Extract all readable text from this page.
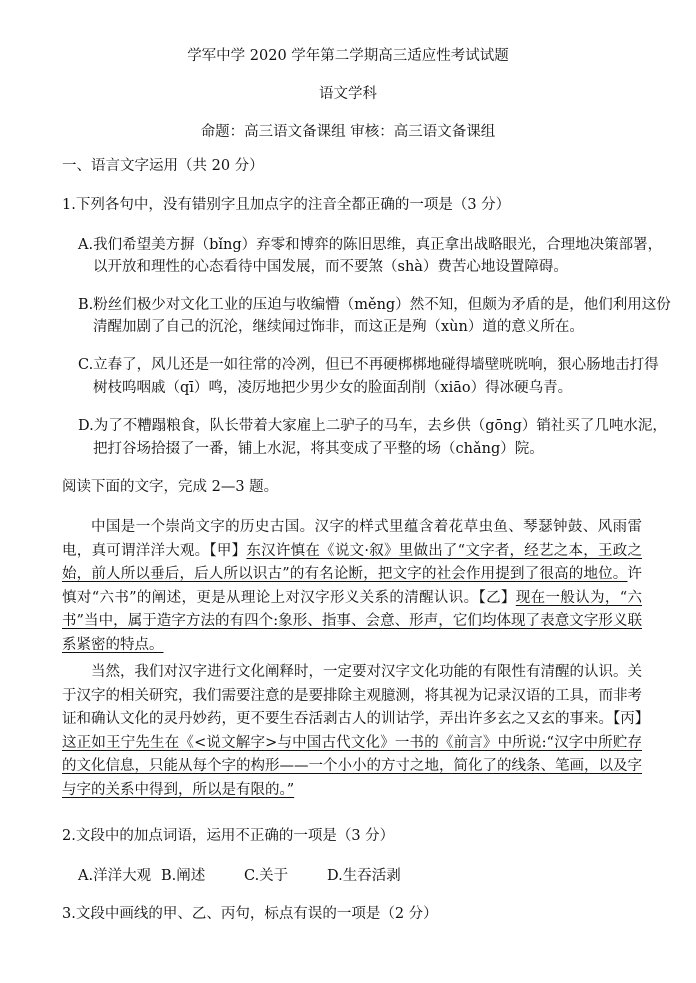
学军中学 2020 学年第二学期高三适应性考试试题
语文学科
命题：高三语文备课组 审核：高三语文备课组
一、语言文字运用（共 20 分）
1.下列各句中，没有错别字且加点字的注音全都正确的一项是（3 分）
A.我们希望美方摒（bǐng）弃零和博弈的陈旧思维，真正拿出战略眼光，合理地决策部署，
以开放和理性的心态看待中国发展，而不要煞（shà）费苦心地设置障碍。
B.粉丝们极少对文化工业的压迫与收编懵（měng）然不知，但颇为矛盾的是，他们利用这份
清醒加剧了自己的沉沦，继续闻过饰非，而这正是殉（xùn）道的意义所在。
C.立春了，风儿还是一如往常的冷冽，但已不再硬梆梆地碰得墙壁咣咣响，狠心肠地击打得
树枝呜咽戚（qī）鸣，凌厉地把少男少女的脸面刮削（xiāo）得冰硬乌青。
D.为了不糟蹋粮食，队长带着大家雇上二驴子的马车，去乡供（gōng）销社买了几吨水泥，
把打谷场拾掇了一番，铺上水泥，将其变成了平整的场（chǎng）院。
阅读下面的文字，完成 2—3 题。
中国是一个崇尚文字的历史古国。汉字的样式里蕴含着花草虫鱼、琴瑟钟鼓、风雨雷电，真可谓洋洋大观。【甲】东汉许慎在《说文·叙》里做出了“文字者，经艺之本，王政之始，前人所以垂后，后人所以识古”的有名论断，把文字的社会作用提到了很高的地位。许慎对“六书”的阐述，更是从理论上对汉字形义关系的清醒认识。【乙】现在一般认为，“六书”当中，属于造字方法的有四个:象形、指事、会意、形声，它们均体现了表意文字形义联系紧密的特点。
当然，我们对汉字进行文化阐释时，一定要对汉字文化功能的有限性有清醒的认识。关于汉字的相关研究，我们需要注意的是要排除主观臆测，将其视为记录汉语的工具，而非考证和确认文化的灵丹妙药，更不要生吞活剥古人的训诂学，弄出许多玄之又玄的事来。【丙】这正如王宁先生在《<说文解字>与中国古代文化》一书的《前言》中所说:“汉字中所贮存的文化信息，只能从每个字的构形——一个小小的方寸之地，简化了的线条、笔画，以及字与字的关系中得到，所以是有限的。”
2.文段中的加点词语，运用不正确的一项是（3 分）
A.洋洋大观 B.阐述	C.关于	D.生吞活剥
3.文段中画线的甲、乙、丙句，标点有误的一项是（2 分）
